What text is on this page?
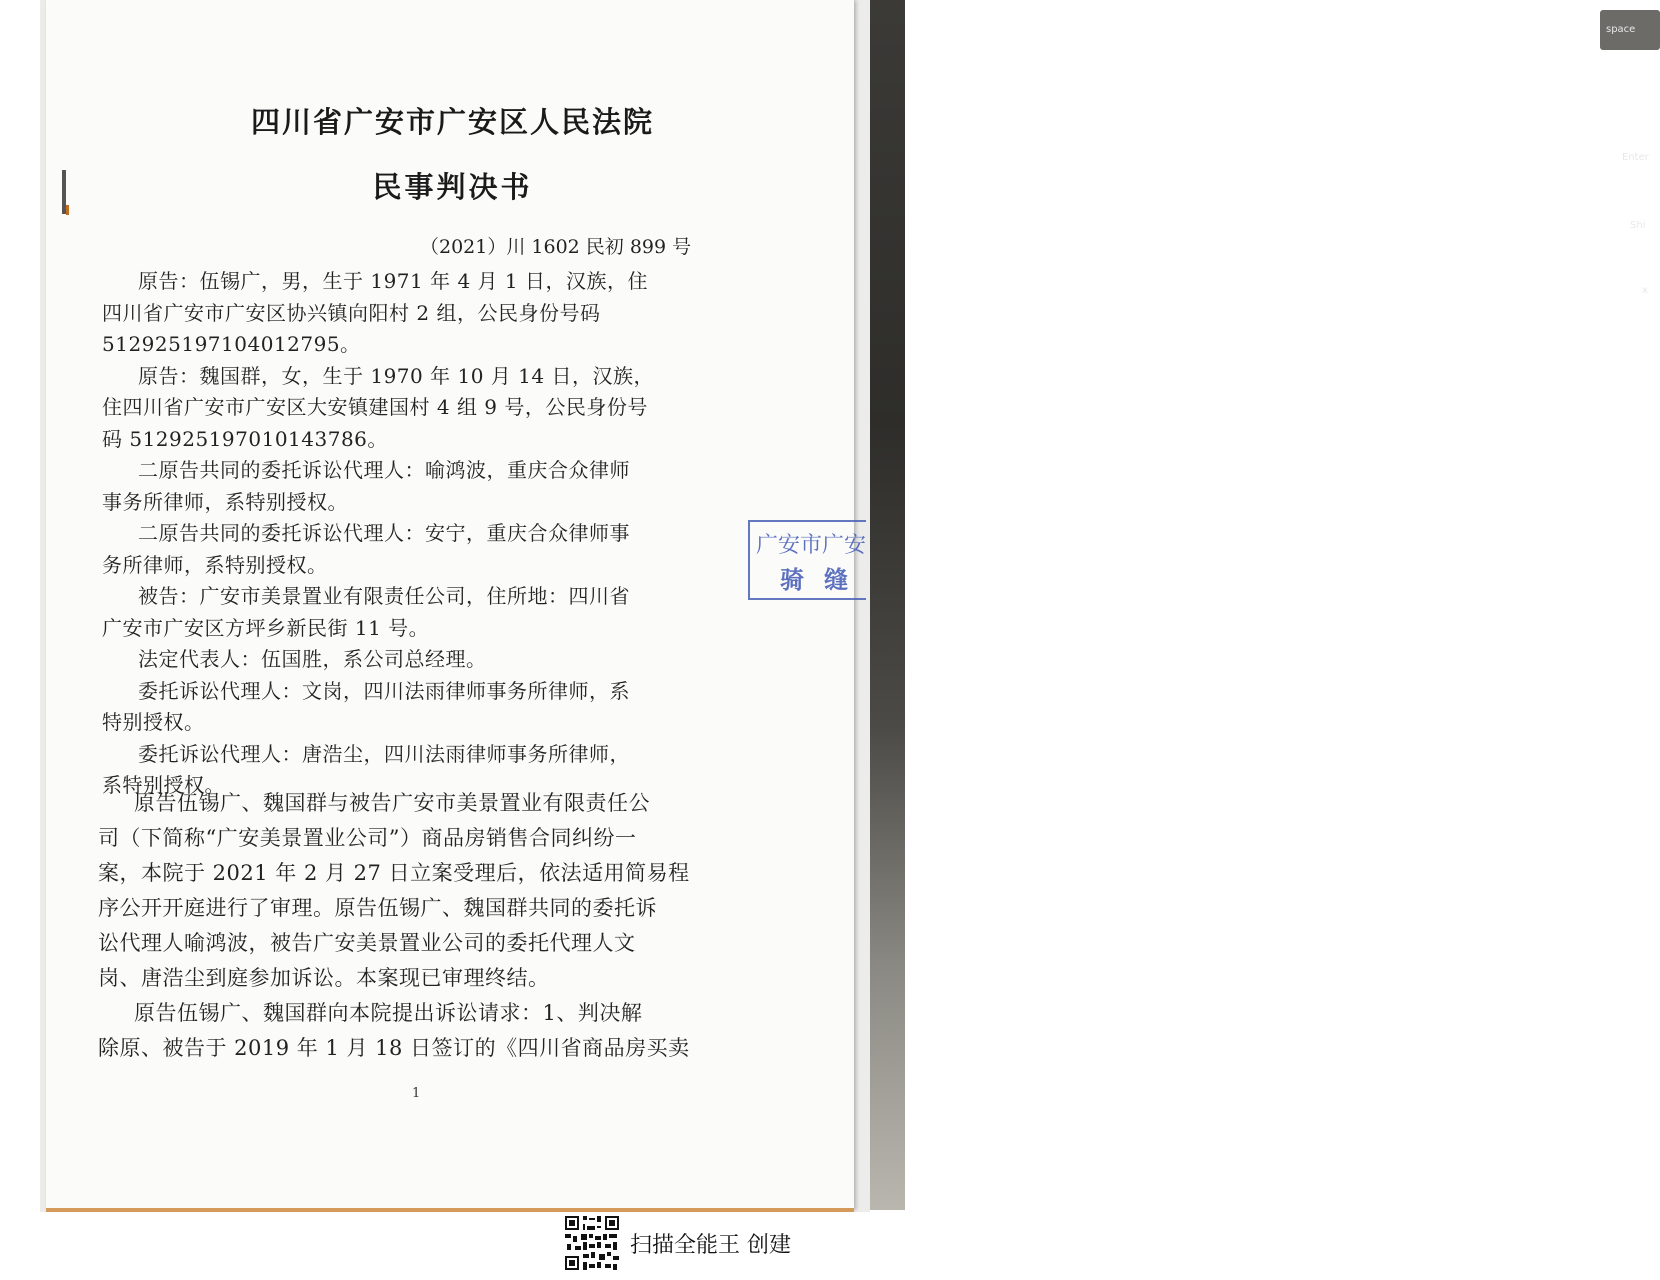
space
Enter
Shi
x
四川省广安市广安区人民法院
民事判决书
（2021）川 1602 民初 899 号
原告：伍锡广，男，生于 1971 年 4 月 1 日，汉族，住
四川省广安市广安区协兴镇向阳村 2 组，公民身份号码
512925197104012795。
原告：魏国群，女，生于 1970 年 10 月 14 日，汉族，
住四川省广安市广安区大安镇建国村 4 组 9 号，公民身份号
码 512925197010143786。
二原告共同的委托诉讼代理人：喻鸿波，重庆合众律师
事务所律师，系特别授权。
二原告共同的委托诉讼代理人：安宁，重庆合众律师事
务所律师，系特别授权。
被告：广安市美景置业有限责任公司，住所地：四川省
广安市广安区方坪乡新民街 11 号。
法定代表人：伍国胜，系公司总经理。
委托诉讼代理人：文岗，四川法雨律师事务所律师，系
特别授权。
委托诉讼代理人：唐浩尘，四川法雨律师事务所律师，
系特别授权。
原告伍锡广、魏国群与被告广安市美景置业有限责任公
司（下简称“广安美景置业公司”）商品房销售合同纠纷一
案，本院于 2021 年 2 月 27 日立案受理后，依法适用简易程
序公开开庭进行了审理。原告伍锡广、魏国群共同的委托诉
讼代理人喻鸿波，被告广安美景置业公司的委托代理人文
岗、唐浩尘到庭参加诉讼。本案现已审理终结。
原告伍锡广、魏国群向本院提出诉讼请求：1、判决解
除原、被告于 2019 年 1 月 18 日签订的《四川省商品房买卖
1
广安市广安
骑缝
扫描全能王 创建
